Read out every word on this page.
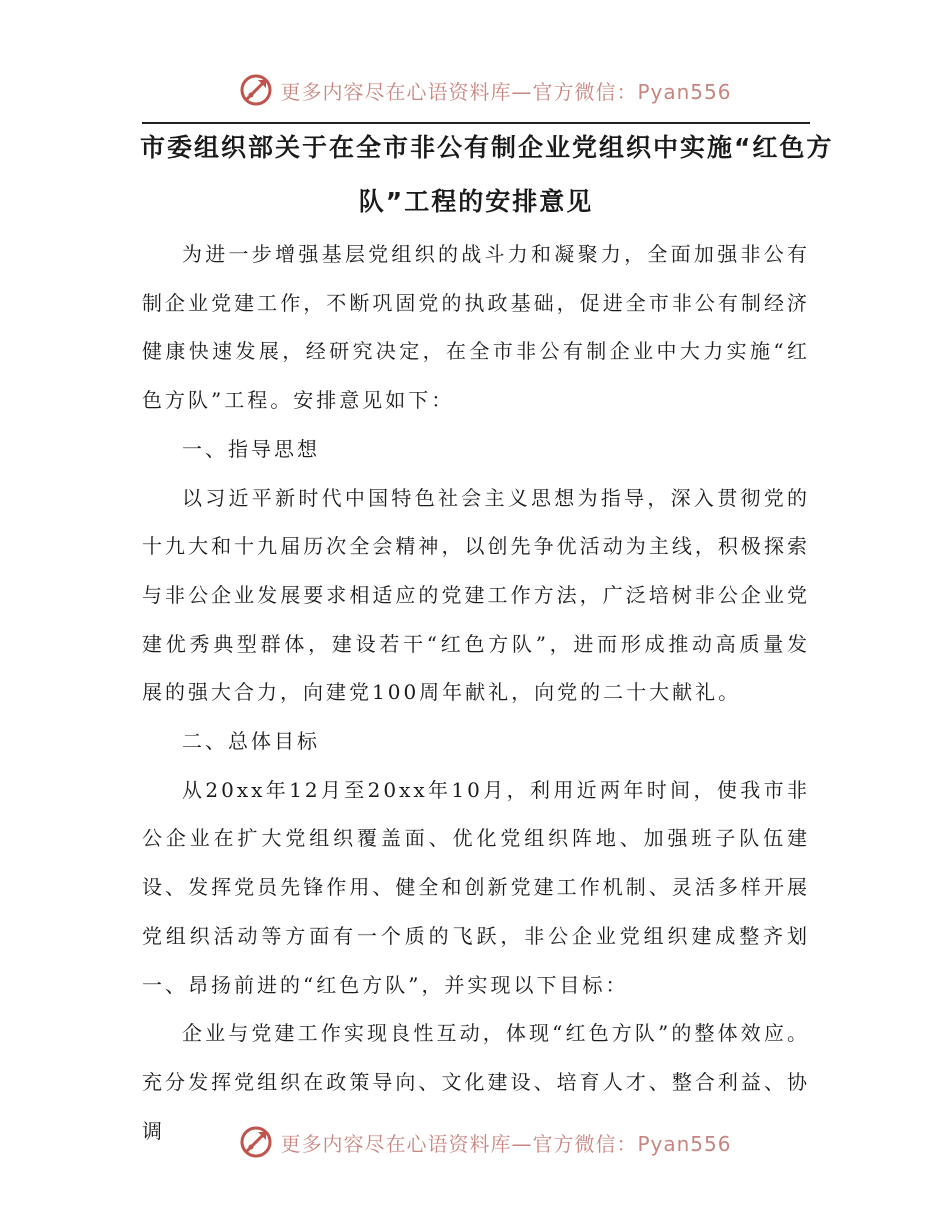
更多内容尽在心语资料库—官方微信：Pyan556
市委组织部关于在全市非公有制企业党组织中实施“红色方
队”工程的安排意见

为进一步增强基层党组织的战斗力和凝聚力，全面加强非公有制企业党建工作，不断巩固党的执政基础，促进全市非公有制经济健康快速发展，经研究决定，在全市非公有制企业中大力实施“红色方队”工程。安排意见如下：

一、指导思想

以习近平新时代中国特色社会主义思想为指导，深入贯彻党的十九大和十九届历次全会精神，以创先争优活动为主线，积极探索与非公企业发展要求相适应的党建工作方法，广泛培树非公企业党建优秀典型群体，建设若干“红色方队”，进而形成推动高质量发展的强大合力，向建党100周年献礼，向党的二十大献礼。

二、总体目标

从20xx年12月至20xx年10月，利用近两年时间，使我市非公企业在扩大党组织覆盖面、优化党组织阵地、加强班子队伍建设、发挥党员先锋作用、健全和创新党建工作机制、灵活多样开展党组织活动等方面有一个质的飞跃，非公企业党组织建成整齐划一、昂扬前进的“红色方队”，并实现以下目标：

企业与党建工作实现良性互动，体现“红色方队”的整体效应。充分发挥党组织在政策导向、文化建设、培育人才、整合利益、协调

更多内容尽在心语资料库—官方微信：Pyan556
